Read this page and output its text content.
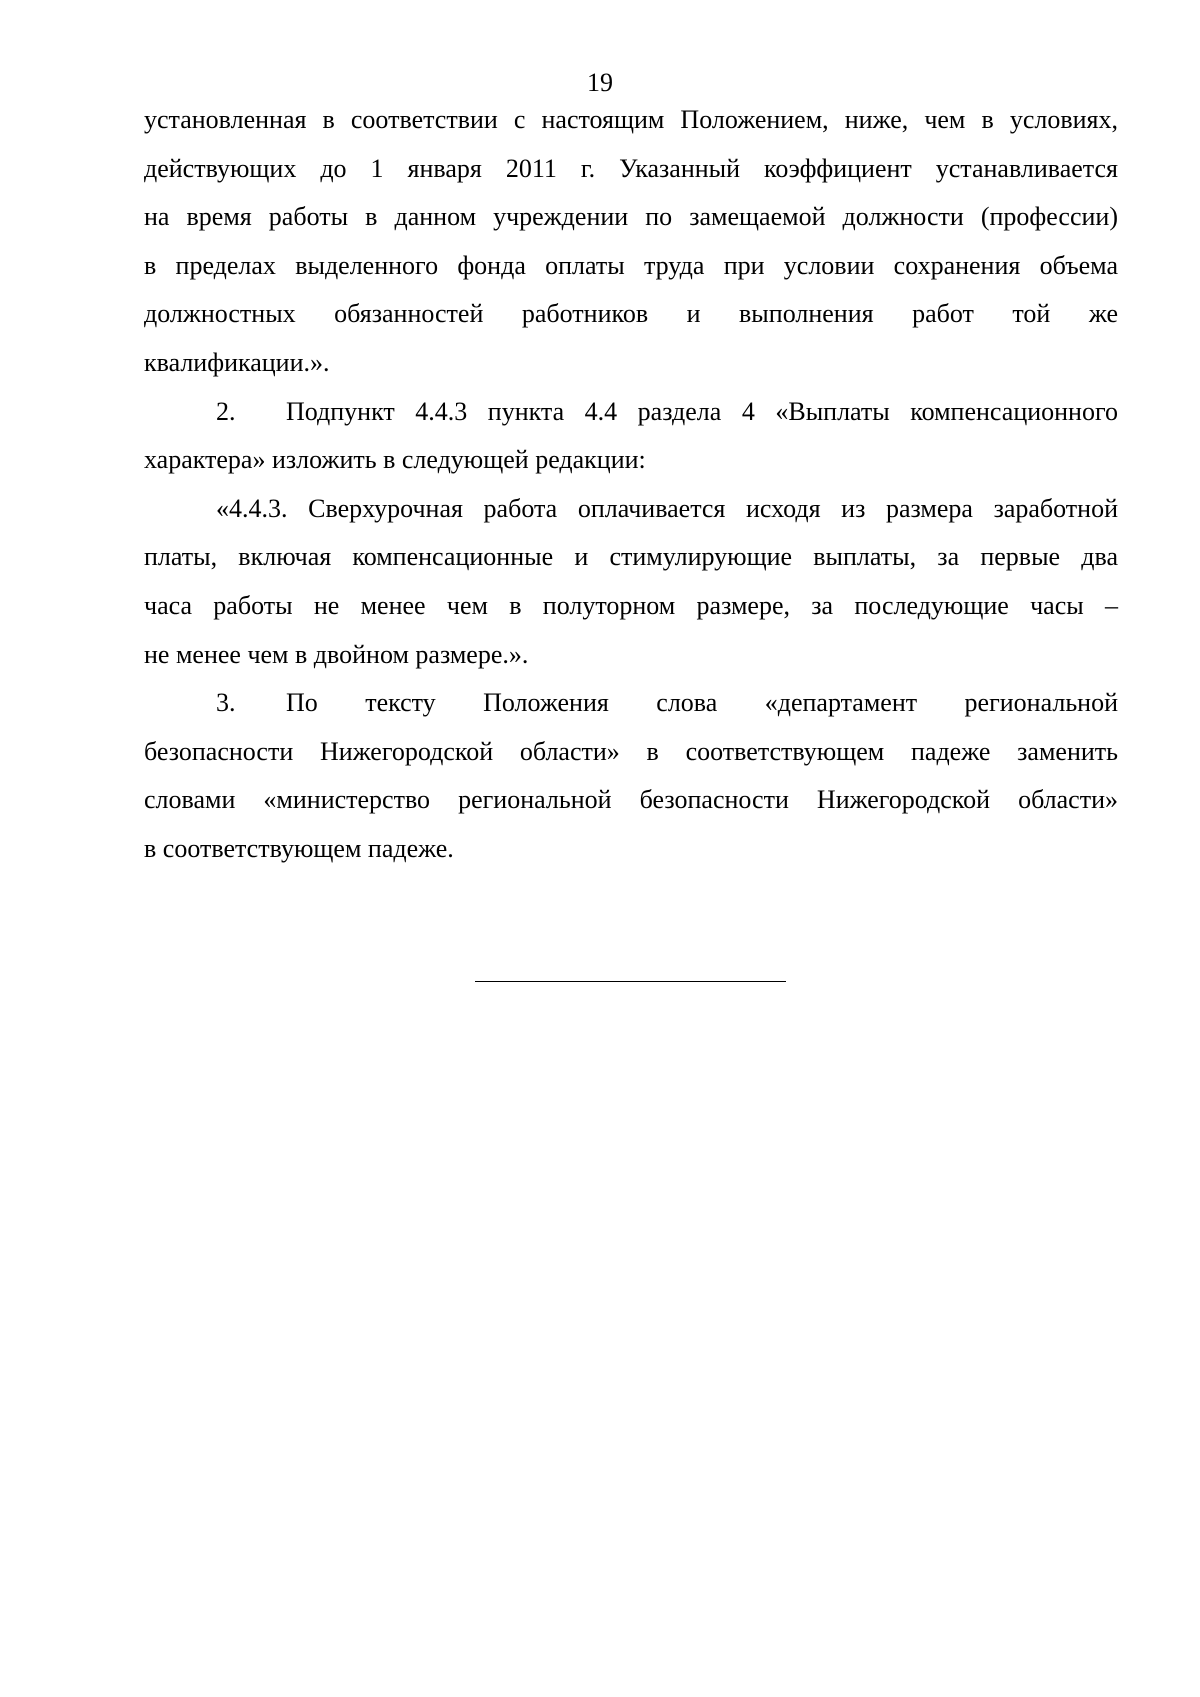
19

установленная в соответствии с настоящим Положением, ниже, чем в условиях,
действующих до 1 января 2011 г. Указанный коэффициент устанавливается
на время работы в данном учреждении по замещаемой должности (профессии)
в пределах выделенного фонда оплаты труда при условии сохранения объема
должностных обязанностей работников и выполнения работ той же
квалификации.».

2. Подпункт 4.4.3 пункта 4.4 раздела 4 «Выплаты компенсационного
характера» изложить в следующей редакции:

«4.4.3. Сверхурочная работа оплачивается исходя из размера заработной
платы, включая компенсационные и стимулирующие выплаты, за первые два
часа работы не менее чем в полуторном размере, за последующие часы –
не менее чем в двойном размере.».

3. По тексту Положения слова «департамент региональной
безопасности Нижегородской области» в соответствующем падеже заменить
словами «министерство региональной безопасности Нижегородской области»
в соответствующем падеже.
